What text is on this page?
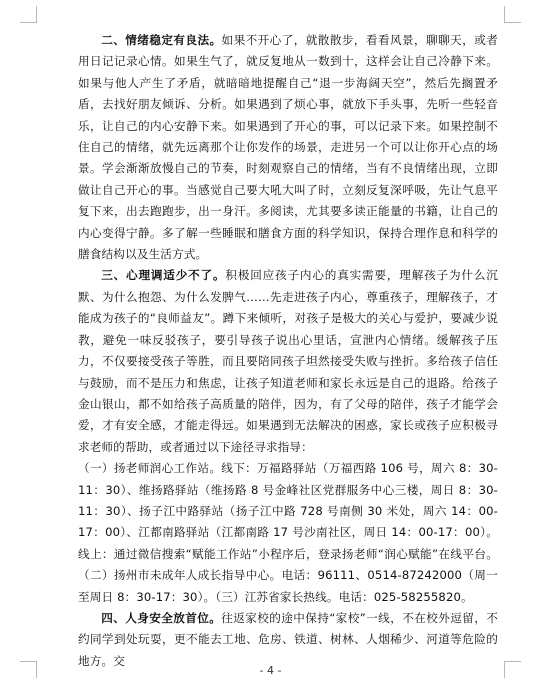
二、情绪稳定有良法。如果不开心了，就散散步，看看风景，聊聊天，或者用日记记录心情。如果生气了，就反复地从一数到十，这样会让自己冷静下来。如果与他人产生了矛盾，就暗暗地提醒自己“退一步海阔天空”，然后先搁置矛盾，去找好朋友倾诉、分析。如果遇到了烦心事，就放下手头事，先听一些轻音乐，让自己的内心安静下来。如果遇到了开心的事，可以记录下来。如果控制不住自己的情绪，就先远离那个让你发作的场景，走进另一个可以让你开心点的场景。学会渐渐放慢自己的节奏，时刻观察自己的情绪，当有不良情绪出现，立即做让自己开心的事。当感觉自己要大吼大叫了时，立刻反复深呼吸，先让气息平复下来，出去跑跑步，出一身汗。多阅读，尤其要多读正能量的书籍，让自己的内心变得宁静。多了解一些睡眠和膳食方面的科学知识，保持合理作息和科学的膳食结构以及生活方式。

三、心理调适少不了。积极回应孩子内心的真实需要，理解孩子为什么沉默、为什么抱怨、为什么发脾气……先走进孩子内心，尊重孩子，理解孩子，才能成为孩子的“良师益友”。蹲下来倾听，对孩子是极大的关心与爱护，要减少说教，避免一味反驳孩子，要引导孩子说出心里话，宣泄内心情绪。缓解孩子压力，不仅要接受孩子等胜，而且要陪同孩子坦然接受失败与挫折。多给孩子信任与鼓励，而不是压力和焦虑，让孩子知道老师和家长永远是自己的退路。给孩子金山银山，都不如给孩子高质量的陪伴，因为，有了父母的陪伴，孩子才能学会爱，才有安全感，才能走得远。如果遇到无法解决的困惑，家长或孩子应积极寻求老师的帮助，或者通过以下途径寻求指导：

（一）扬老师润心工作站。线下：万福路驿站（万福西路 106 号，周六 8：30-11：30）、维扬路驿站（维扬路 8 号金峰社区党群服务中心三楼，周日 8：30-11：30）、扬子江中路驿站（扬子江中路 728 号南侧 30 米处，周六 14：00-17：00）、江都南路驿站（江都南路 17 号沙南社区，周日 14：00-17：00）。线上：通过微信搜索“赋能工作站”小程序后，登录扬老师“润心赋能”在线平台。（二）扬州市未成年人成长指导中心。电话：96111、0514-87242000（周一至周日 8：30-17：30）。（三）江苏省家长热线。电话：025-58255820。

四、人身安全放首位。往返家校的途中保持“家校”一线，不在校外逗留，不约同学到处玩耍，更不能去工地、危房、铁道、树林、人烟稀少、河道等危险的地方。交

- 4 -
